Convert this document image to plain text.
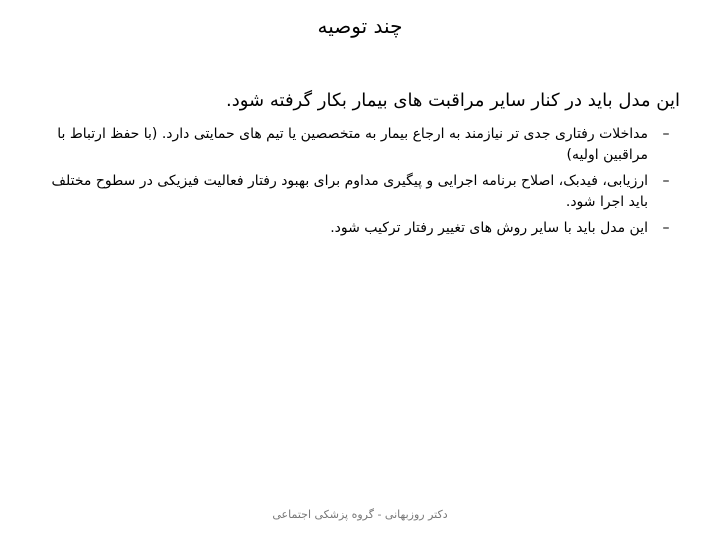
چند توصیه
این مدل باید در کنار سایر مراقبت های بیمار بکار گرفته شود.
–
مداخلات رفتاری جدی تر نیازمند به ارجاع بیمار به متخصصین یا تیم های حمایتی دارد. (با حفظ ارتباط با مراقبین اولیه)
–
ارزیابی، فیدبک، اصلاح برنامه اجرایی و پیگیری مداوم برای بهبود رفتار فعالیت فیزیکی در سطوح مختلف باید اجرا شود.
–
این مدل باید با سایر روش های تغییر رفتار ترکیب شود.
دکتر روزبهانی - گروه پزشکی اجتماعی
